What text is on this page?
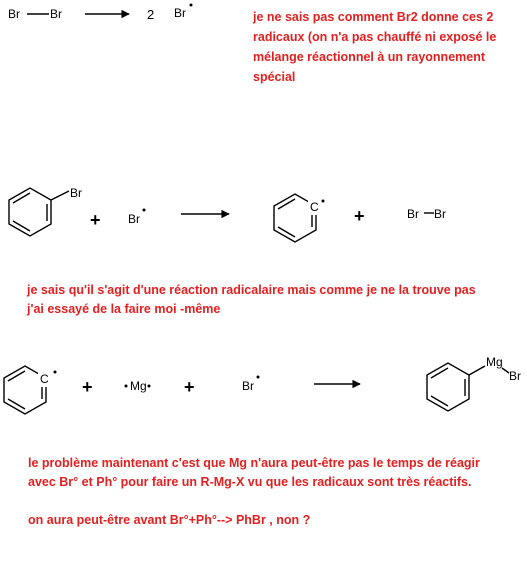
Br	Br	2 Br
Br
+ Br
C +	Br Br
C +	Mg +	Br
Mg
Br
je ne sais pas comment Br2 donne ces 2
radicaux (on n'a pas chauffé ni exposé le
mélange réactionnel à un rayonnement
spécial
je sais qu'il s'agit d'une réaction radicalaire mais comme je ne la trouve pas
j'ai essayé de la faire moi -même
le problème maintenant c'est que Mg n'aura peut-être pas le temps de réagir
avec Br° et Ph° pour faire un R-Mg-X vu que les radicaux sont très réactifs.
on aura peut-être avant Br°+Ph°--> PhBr , non ?
